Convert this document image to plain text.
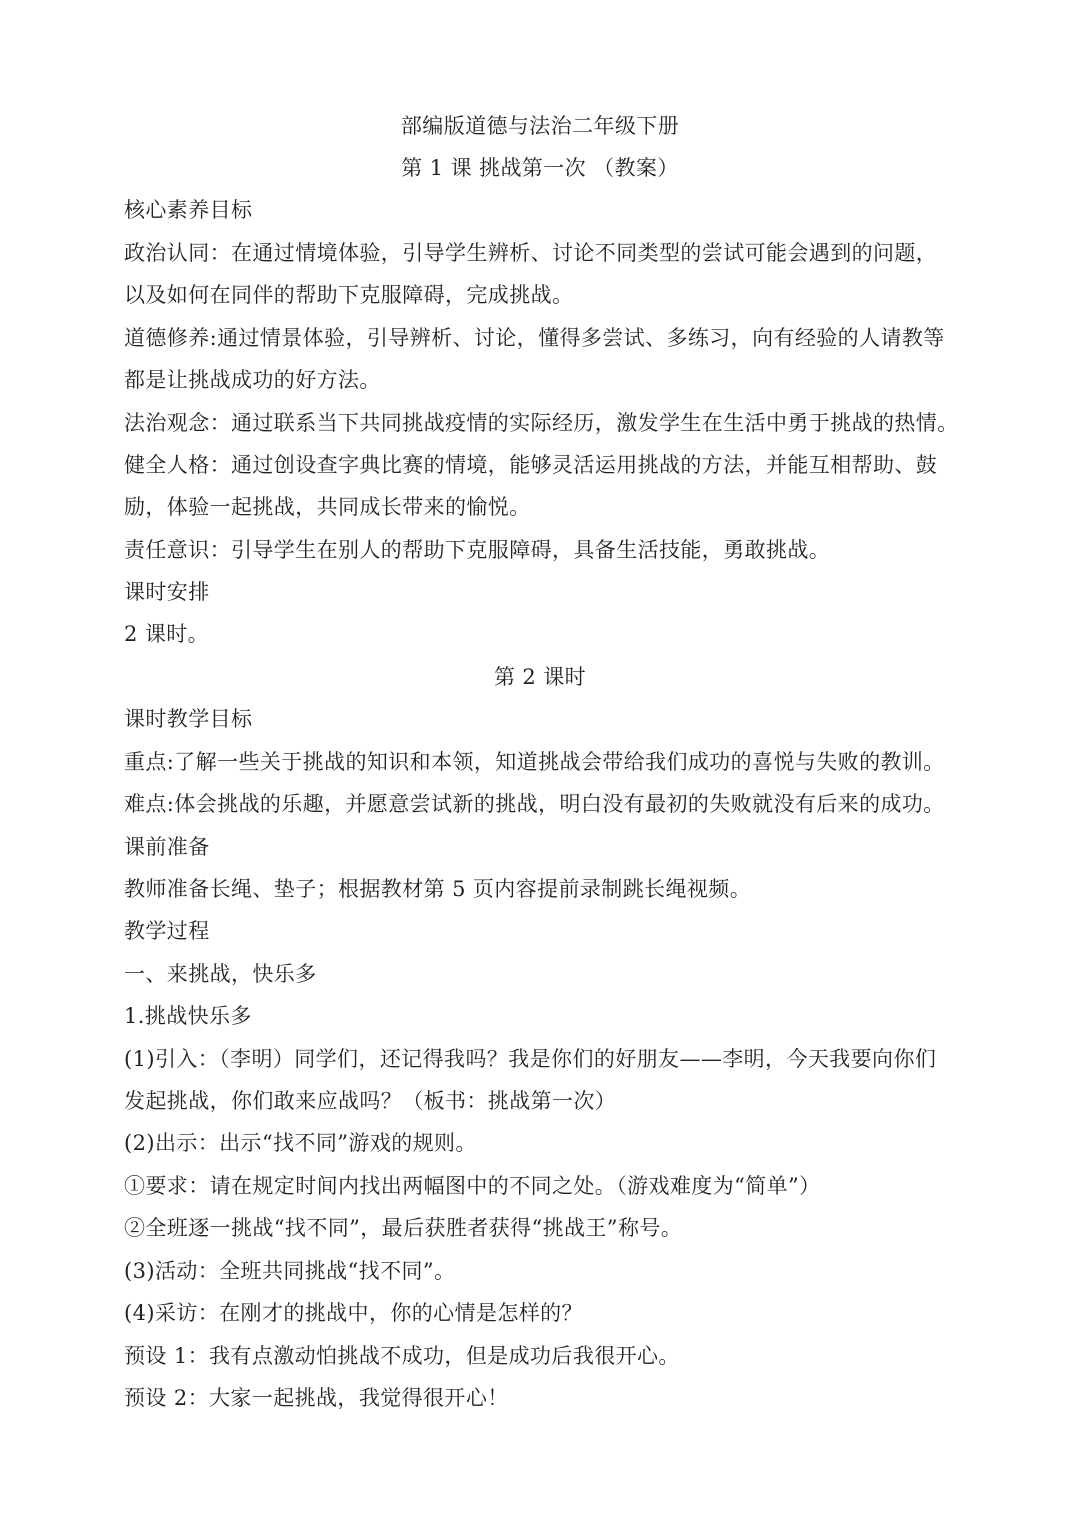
部编版道德与法治二年级下册
第 1 课 挑战第一次 （教案）
核心素养目标
政治认同：在通过情境体验，引导学生辨析、讨论不同类型的尝试可能会遇到的问题，
以及如何在同伴的帮助下克服障碍，完成挑战。
道德修养:通过情景体验，引导辨析、讨论，懂得多尝试、多练习，向有经验的人请教等
都是让挑战成功的好方法。
法治观念：通过联系当下共同挑战疫情的实际经历，激发学生在生活中勇于挑战的热情。
健全人格：通过创设查字典比赛的情境，能够灵活运用挑战的方法，并能互相帮助、鼓
励，体验一起挑战，共同成长带来的愉悦。
责任意识：引导学生在别人的帮助下克服障碍，具备生活技能，勇敢挑战。
课时安排
2 课时。
第 2 课时
课时教学目标
重点:了解一些关于挑战的知识和本领，知道挑战会带给我们成功的喜悦与失败的教训。
难点:体会挑战的乐趣，并愿意尝试新的挑战，明白没有最初的失败就没有后来的成功。
课前准备
教师准备长绳、垫子；根据教材第 5 页内容提前录制跳长绳视频。
教学过程
一、来挑战，快乐多
1.挑战快乐多
(1)引入：（李明）同学们，还记得我吗？我是你们的好朋友——李明，今天我要向你们
发起挑战，你们敢来应战吗？（板书：挑战第一次）
(2)出示：出示“找不同”游戏的规则。
①要求：请在规定时间内找出两幅图中的不同之处。（游戏难度为“简单”）
②全班逐一挑战“找不同”，最后获胜者获得“挑战王”称号。
(3)活动：全班共同挑战“找不同”。
(4)采访：在刚才的挑战中，你的心情是怎样的？
预设 1：我有点激动怕挑战不成功，但是成功后我很开心。
预设 2：大家一起挑战，我觉得很开心！
